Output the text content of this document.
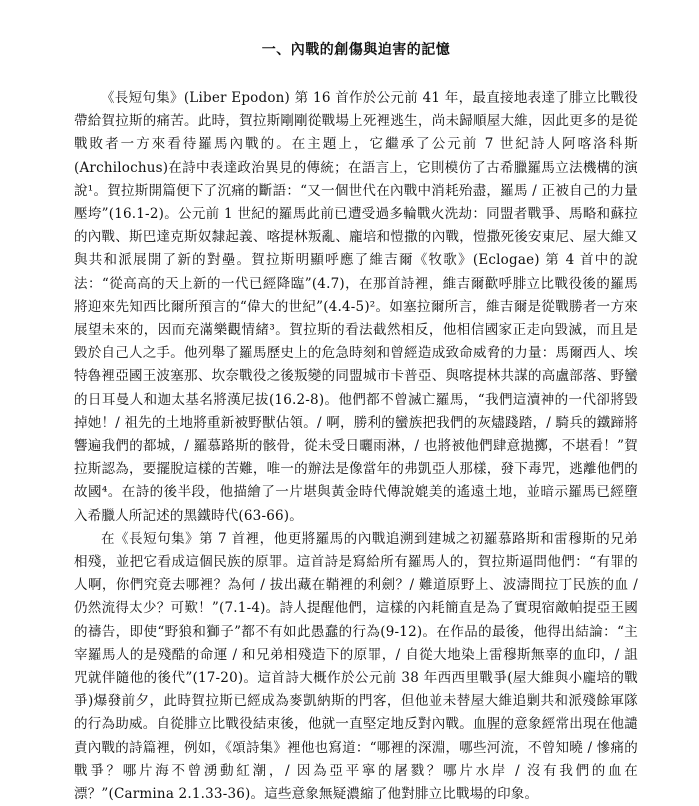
一、內戰的創傷與迫害的記憶

《長短句集》(Liber Epodon) 第 16 首作於公元前 41 年，最直接地表達了腓立比戰役帶給賀拉斯的痛苦。此時，賀拉斯剛剛從戰場上死裡逃生，尚未歸順屋大維，因此更多的是從戰敗者一方來看待羅馬內戰的。在主題上，它繼承了公元前 7 世紀詩人阿喀洛科斯(Archilochus)在詩中表達政治異見的傳統；在語言上，它則模仿了古希臘羅馬立法機構的演說¹。賀拉斯開篇便下了沉痛的斷語：“又一個世代在內戰中消耗殆盡，羅馬 / 正被自己的力量壓垮”(16.1-2)。公元前 1 世紀的羅馬此前已遭受過多輪戰火洗劫：同盟者戰爭、馬略和蘇拉的內戰、斯巴達克斯奴隸起義、喀提林叛亂、龐培和愷撒的內戰，愷撒死後安東尼、屋大維又與共和派展開了新的對壘。賀拉斯明顯呼應了維吉爾《牧歌》(Eclogae) 第 4 首中的說法：“從高高的天上新的一代已經降臨”(4.7)，在那首詩裡，維吉爾歡呼腓立比戰役後的羅馬將迎來先知西比爾所預言的“偉大的世紀”(4.4-5)²。如塞拉爾所言，維吉爾是從戰勝者一方來展望未來的，因而充滿樂觀情緒³。賀拉斯的看法截然相反，他相信國家正走向毀滅，而且是毀於自己人之手。他列舉了羅馬歷史上的危急時刻和曾經造成致命威脅的力量：馬爾西人、埃特魯裡亞國王波塞那、坎奈戰役之後叛變的同盟城市卡普亞、與喀提林共謀的高盧部落、野蠻的日耳曼人和迦太基名將漢尼拔(16.2-8)。他們都不曾滅亡羅馬，“我們這瀆神的一代卻將毀掉她！/ 祖先的土地將重新被野獸佔領。/ 啊，勝利的蠻族把我們的灰燼踐踏，/ 騎兵的鐵蹄將響遍我們的都城，/ 羅慕路斯的骸骨，從未受日曬雨淋，/ 也將被他們肆意拋擲，不堪看！”賀拉斯認為，要擺脫這樣的苦難，唯一的辦法是像當年的弗凱亞人那樣，發下毒咒，逃離他們的故國⁴。在詩的後半段，他描繪了一片堪與黃金時代傳說媲美的遙遠土地，並暗示羅馬已經墮入希臘人所記述的黑鐵時代(63-66)。

在《長短句集》第 7 首裡，他更將羅馬的內戰追溯到建城之初羅慕路斯和雷穆斯的兄弟相殘，並把它看成這個民族的原罪。這首詩是寫給所有羅馬人的，賀拉斯逼問他們：“有罪的人啊，你們究竟去哪裡？為何 / 拔出藏在鞘裡的利劍？/ 難道原野上、波濤間拉丁民族的血 / 仍然流得太少？可歎！”(7.1-4)。詩人提醒他們，這樣的內耗簡直是為了實現宿敵帕提亞王國的禱告，即使“野狼和獅子”都不有如此愚蠢的行為(9-12)。在作品的最後，他得出結論：“主宰羅馬人的是殘酷的命運 / 和兄弟相殘造下的原罪，/ 自從大地染上雷穆斯無辜的血印，/ 詛咒就伴隨他的後代”(17-20)。這首詩大概作於公元前 38 年西西里戰爭(屋大維與小龐培的戰爭)爆發前夕，此時賀拉斯已經成為麥凱納斯的門客，但他並未替屋大維追剿共和派殘餘軍隊的行為助威。自從腓立比戰役結束後，他就一直堅定地反對內戰。血腥的意象經常出現在他譴責內戰的詩篇裡，例如，《頌詩集》裡他也寫道：“哪裡的深淵，哪些河流，不曾知曉 / 慘痛的戰爭？哪片海不曾湧動紅潮，/ 因為亞平寧的屠戮？哪片水岸 / 沒有我們的血在漂？”(Carmina 2.1.33-36)。這些意象無疑濃縮了他對腓立比戰場的印象。
